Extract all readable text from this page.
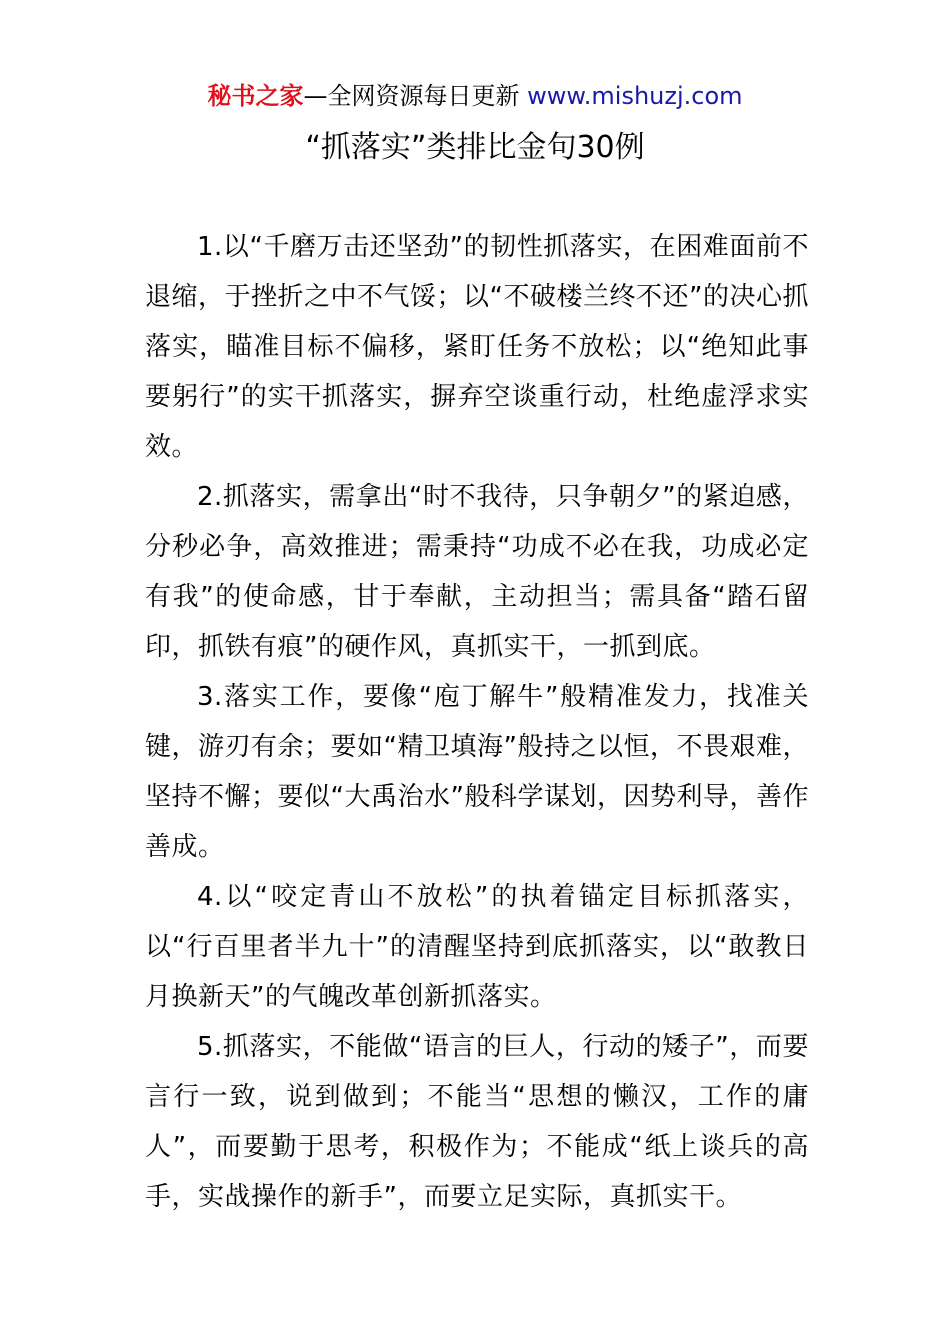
秘书之家—全网资源每日更新 www.mishuzj.com
“抓落实”类排比金句30例

1.以“千磨万击还坚劲”的韧性抓落实，在困难面前不退缩，于挫折之中不气馁；以“不破楼兰终不还”的决心抓落实，瞄准目标不偏移，紧盯任务不放松；以“绝知此事要躬行”的实干抓落实，摒弃空谈重行动，杜绝虚浮求实效。

2.抓落实，需拿出“时不我待，只争朝夕”的紧迫感，分秒必争，高效推进；需秉持“功成不必在我，功成必定有我”的使命感，甘于奉献，主动担当；需具备“踏石留印，抓铁有痕”的硬作风，真抓实干，一抓到底。

3.落实工作，要像“庖丁解牛”般精准发力，找准关键，游刃有余；要如“精卫填海”般持之以恒，不畏艰难，坚持不懈；要似“大禹治水”般科学谋划，因势利导，善作善成。

4.以“咬定青山不放松”的执着锚定目标抓落实，以“行百里者半九十”的清醒坚持到底抓落实，以“敢教日月换新天”的气魄改革创新抓落实。

5.抓落实，不能做“语言的巨人，行动的矮子”，而要言行一致，说到做到；不能当“思想的懒汉，工作的庸人”，而要勤于思考，积极作为；不能成“纸上谈兵的高手，实战操作的新手”，而要立足实际，真抓实干。
